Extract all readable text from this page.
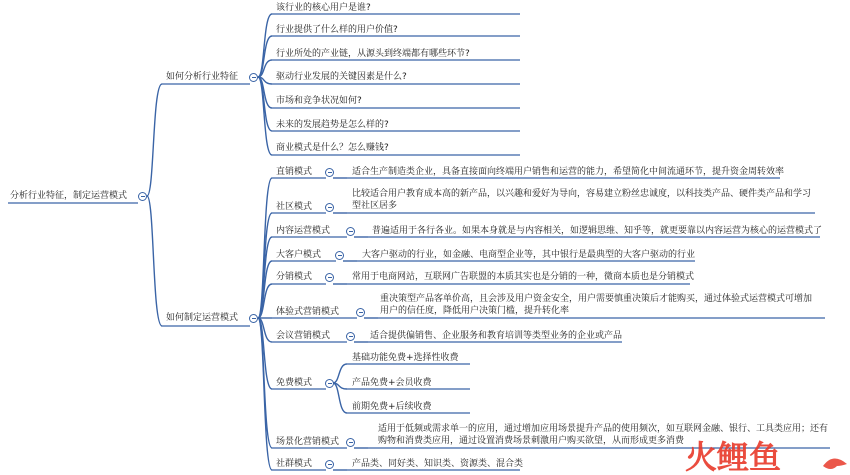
分析行业特征，制定运营模式
如何分析行业特征
该行业的核心用户是谁?
行业提供了什么样的用户价值?
行业所处的产业链，从源头到终端都有哪些环节?
驱动行业发展的关键因素是什么?
市场和竞争状况如何?
未来的发展趋势是怎么样的?
商业模式是什么？怎么赚钱?
如何制定运营模式
直销模式	适合生产制造类企业，具备直接面向终端用户销售和运营的能力，希望简化中间流通环节，提升资金周转效率
社区模式
比较适合用户教育成本高的新产品，以兴趣和爱好为导向，容易建立粉丝忠诚度，以科技类产品、硬件类产品和学习型社区居多
内容运营模式	普遍适用于各行各业。如果本身就是与内容相关，如逻辑思维、知乎等，就更要靠以内容运营为核心的运营模式了
大客户模式	大客户驱动的行业，如金融、电商型企业等，其中银行是最典型的大客户驱动的行业
分销模式	常用于电商网站，互联网广告联盟的本质其实也是分销的一种，微商本质也是分销模式
体验式营销模式
重决策型产品客单价高，且会涉及用户资金安全，用户需要慎重决策后才能购买，通过体验式运营模式可增加用户的信任度，降低用户决策门槛，提升转化率
会议营销模式	适合提供偏销售、企业服务和教育培训等类型业务的企业或产品
免费模式
基础功能免费+选择性收费
产品免费+会员收费
前期免费+后续收费
场景化营销模式
适用于低频或需求单一的应用，通过增加应用场景提升产品的使用频次，如互联网金融、银行、工具类应用；还有购物和消费类应用，通过设置消费场景刺激用户购买欲望，从而形成更多消费
社群模式	产品类、同好类、知识类、资源类、混合类	火鲤鱼
